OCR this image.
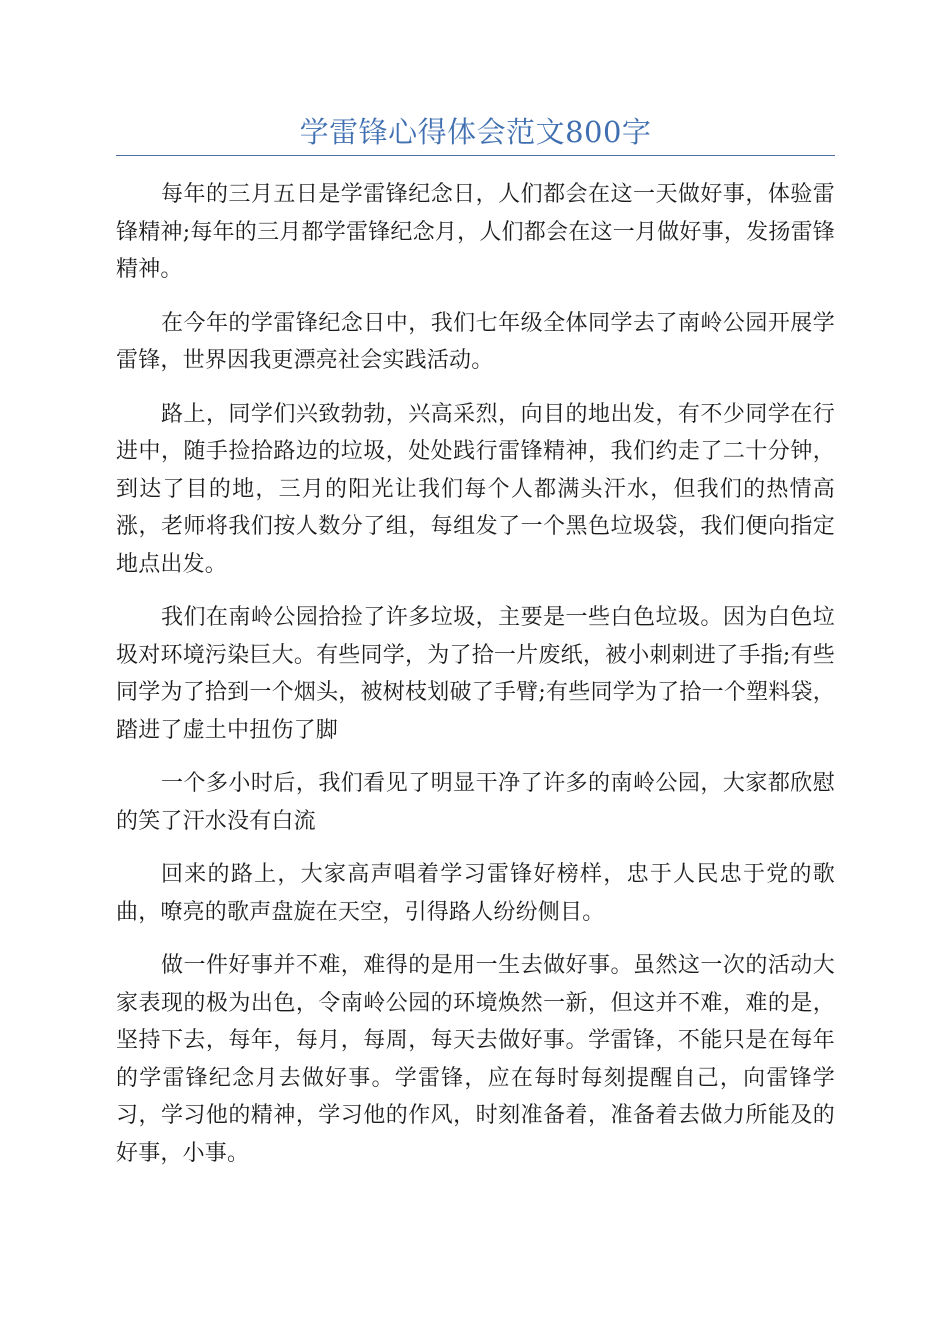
学雷锋心得体会范文800字

每年的三月五日是学雷锋纪念日，人们都会在这一天做好事，体验雷锋精神;每年的三月都学雷锋纪念月，人们都会在这一月做好事，发扬雷锋精神。

在今年的学雷锋纪念日中，我们七年级全体同学去了南岭公园开展学雷锋，世界因我更漂亮社会实践活动。

路上，同学们兴致勃勃，兴高采烈，向目的地出发，有不少同学在行进中，随手捡拾路边的垃圾，处处践行雷锋精神，我们约走了二十分钟，到达了目的地，三月的阳光让我们每个人都满头汗水，但我们的热情高涨，老师将我们按人数分了组，每组发了一个黑色垃圾袋，我们便向指定地点出发。

我们在南岭公园拾捡了许多垃圾，主要是一些白色垃圾。因为白色垃圾对环境污染巨大。有些同学，为了拾一片废纸，被小刺刺进了手指;有些同学为了拾到一个烟头，被树枝划破了手臂;有些同学为了拾一个塑料袋，踏进了虚土中扭伤了脚

一个多小时后，我们看见了明显干净了许多的南岭公园，大家都欣慰的笑了汗水没有白流

回来的路上，大家高声唱着学习雷锋好榜样，忠于人民忠于党的歌曲，嘹亮的歌声盘旋在天空，引得路人纷纷侧目。

做一件好事并不难，难得的是用一生去做好事。虽然这一次的活动大家表现的极为出色，令南岭公园的环境焕然一新，但这并不难，难的是，坚持下去，每年，每月，每周，每天去做好事。学雷锋，不能只是在每年的学雷锋纪念月去做好事。学雷锋，应在每时每刻提醒自己，向雷锋学习，学习他的精神，学习他的作风，时刻准备着，准备着去做力所能及的好事，小事。
